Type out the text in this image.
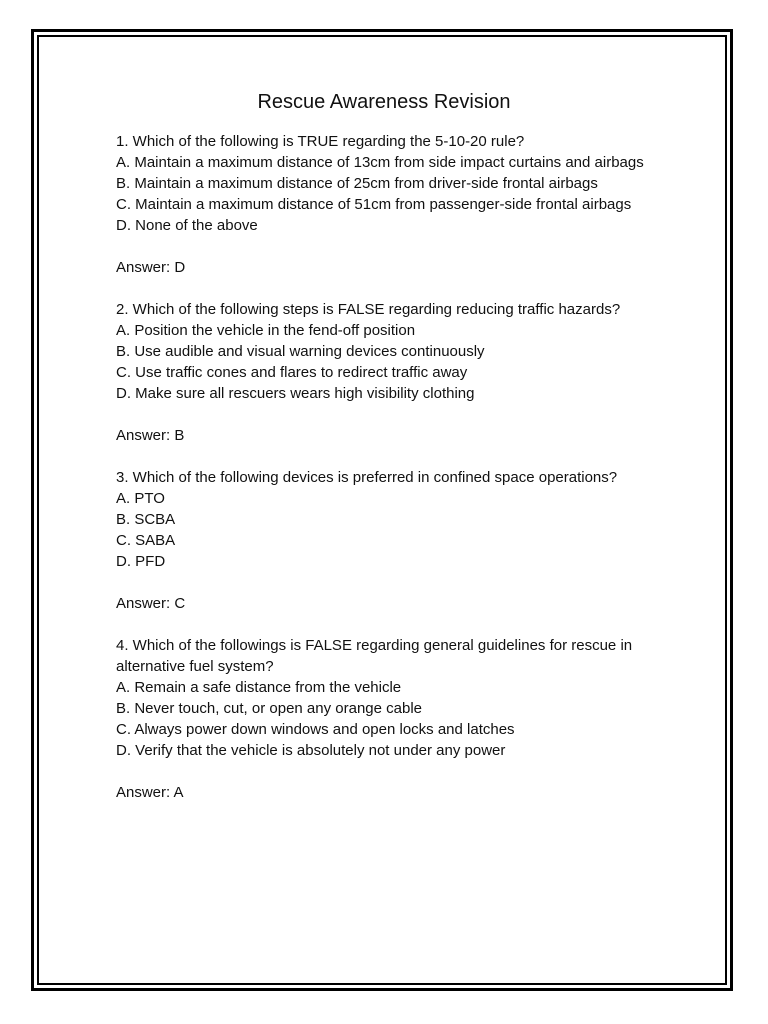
Rescue Awareness Revision
1. Which of the following is TRUE regarding the 5-10-20 rule?
A. Maintain a maximum distance of 13cm from side impact curtains and airbags
B. Maintain a maximum distance of 25cm from driver-side frontal airbags
C. Maintain a maximum distance of 51cm from passenger-side frontal airbags
D. None of the above
Answer: D
2. Which of the following steps is FALSE regarding reducing traffic hazards?
A. Position the vehicle in the fend-off position
B. Use audible and visual warning devices continuously
C. Use traffic cones and flares to redirect traffic away
D. Make sure all rescuers wears high visibility clothing
Answer: B
3. Which of the following devices is preferred in confined space operations?
A. PTO
B. SCBA
C. SABA
D. PFD
Answer: C
4. Which of the followings is FALSE regarding general guidelines for rescue in alternative fuel system?
A. Remain a safe distance from the vehicle
B. Never touch, cut, or open any orange cable
C. Always power down windows and open locks and latches
D. Verify that the vehicle is absolutely not under any power
Answer: A
